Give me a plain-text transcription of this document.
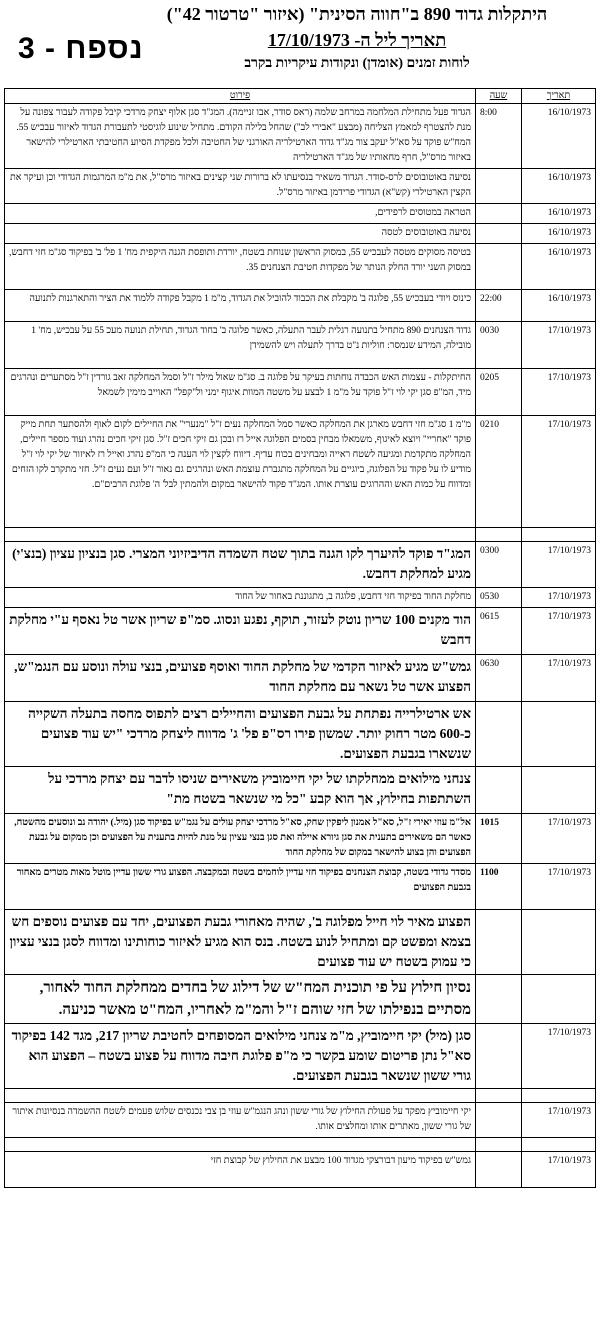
נספח - 3
היתקלות גדוד 890 ב"חווה הסינית" (איזור "טרטור 42")
תאריך ליל ה- 17/10/1973
לוחות זמנים (אומדן) ונקודות עיקריות בקרב
תאריך	שעה	פירוט
16/10/1973	8:00	הגדוד פעל מתחילת המלחמה במרחב שלמה (ראס סודר, אבו זניימה). המג"ד סגן אלוף יצחק מרדכי קיבל פקודה לעבור צפונה על מנת להצטרף למאמץ הצליחה (מבצע "אבירי לב") שהחל בלילה הקודם. מתחיל שינוע לוגיסטי לתעבורת הגדוד לאיזור עבכיש 55. המח"ש פוקד על סא"ל יעקב צור מג"ד גדוד הארטילריה האורגני של החטיבה ולכל מפקדת הסיוע החטיבתי הארטילרי להישאר באיזור מרס"ל, חרף מחאותיו של מג"ד הארטילריה
16/10/1973		נסיעה באוטובוסים לרס-סודר. הגדוד משאיר בנסיעתו לא ברורות שני קצינים באיזור מרס"ל, את מ"מ המרגמות הגדודי וכן ועיקר את הקצין הארטילרי (קש"א) הגדודי פרידמן באיזור מרס"ל.
16/10/1973		הטראה במטוסים לרפידים,
16/10/1973		נסיעה באוטובוסים לטסה
16/10/1973		בטיסה מסוקים מטסה לעבכיש 55, במסוק הראשון שנוחת בשטח, יורדת ותופסת הגנה היקפית מח' 1 פל' ב' בפיקוד סג"מ חזי דחבש, במסוק השני יורד החלק הנותר של מפקדות חטיבת הצנחנים 35.
16/10/1973	22:00	כינוס ויודי בעבכיש 55, פלוגה ב' מקבלת את הכבוד להוביל את הגדוד, מ"מ 1 מקבל פקודה ללמוד את הציר והתארגנות לתנועה
17/10/1973	0030	גדוד הצנחנים 890 מתחיל בתנועה רגלית לעבר התעלה, כאשר פלוגה ב' בחוד הגדוד, תחילת תנועה מעכ 55 על עבכיש, מח' 1 מובילה, המידע שנמסר: חוליות נ"ט בדרך לתעלה ויש להשמידן
17/10/1973	0205	החיתקלות - עצמות האש הכבדה נוחתות בעיקר על פלוגה ב. סג"מ שאול מילר ז"ל וסמל המחלקה זאב גורדין ז"ל מסתערים ונהרגים מיד, המ"פ סגן יקי לוי ז"ל פוקד על מ"מ 1 לבצע על משטה המוות איגוף ימני ול"קפל" האוייב מימין לשמאל
17/10/1973	0210	מ"מ 1 סג"מ חזי דחבש מארגן את המחלקה כאשר סמל המחלקה נעים ז"ל "מנערי" את החיילים לקום לאוף ולהסתער תחת מייק פוקד "אחריי" ויוצא לאיגוף, משמאלו מבחין בסמים הפלוגה אייל רז ובכן גם זיקי חכים ז"ל. סגן זיקי חכים נהרג ועוד מספר חיילים, המחלקה מתקדמת ומגיעה לשטח ראייה ומבחינים בכוח עדיף. דיווח לקצין לוי הענה כי המ"פ נהרג ואייל רז לאיזור של יקי לוי ז"ל מודיע לו על פקוד על הפלוגה, ביוגיים על המחלקה מתגברת עוצמת האש ונהרגים גם נאור ז"ל ועם נעים ז"ל. חזי מתקרב לקו הזחים ומדווח על כמות האש וההרוגים עוצרת אותו. המג"ד פקוד להישאר במקום ולהמתין לבל' ה' פלוגת הרבים"ם.

17/10/1973	0300	המג"ד פוקד להיערך לקו הגנה בתוך שטח השמדה הדיביזיוני המצרי. סגן בנציון עציון (בנצ'י) מגיע למחלקת דחבש.
17/10/1973	0530	מחלקת החוד בפיקוד חזי דחבש, פלוגה ב, מתגוננת באחור של החוד
17/10/1973	0615	הוד מקנים 100 שריון נוטק לעזור, תוקף, נפגע ונסוג. סמ"פ שריון אשר טל נאסף ע"י מחלקת דחבש
17/10/1973	0630	גמש"ש מגיע לאיזור הקדמי של מחלקת החוד ואוסף פצועים, בנצי עולה ונוסע עם הנגמ"ש, הפצוע אשר טל נשאר עם מחלקת החוד
		אש ארטילרייה נפתחת על גבעת הפצועים והחיילים רצים לתפוס מחסה בתעלה השקייה כ-600 מטר רחוק יותר. שמשון פירו רס"פ פל' ג' מדווח ליצחק מרדכי "יש עוד פצועים שנשארו בגבעת הפצועים.
		צנחני מילואים ממחלקתו של יקי חיימוביץ משאירים שניסו לדבר עם יצחק מרדכי על השתתפות בחילוץ, אך הוא קבע "כל מי שנשאר בשטח מת"
17/10/1973	1015	אל"מ עוזי יאירי ז"ל, סא"ל אמנון ליפקין שחק, סא"ל מרדכי יצחק עולים על נגמ"ש בפיקוד סגן (מיל.) יהודה נב ונוסעים מהשטח, כאשר הם משאירים בתענית את סגן גיורא איילה ואת סגן בנצי עציון על מנת להיות בתענית על הפצועים וכן ממקום על גבעת הפצועים והן בצוע להישאר במקום של מחלקת החוד
17/10/1973	1100	מסדר גדודי בשטה, קבוצת הצנחנים בפיקוד חזי עדיין לוחמים בשטח ובמקבצה. הפצוע גורי ששון עדיין מוטל מאות מטרים מאחור בגבעת הפצועים
		הפצוע מאיר לוי חייל מפלוגה ב', שהיה מאחורי גבעת הפצועים, יחד עם פצועים נוספים חש בצמא ומפשט קם ומתחיל לנוע בשטח. בנס הוא מגיע לאיזור כוחותינו ומדווח לסגן בנצי עציון כי עמוק בשטח יש עוד פצועים
		נסיון חילוץ על פי תוכנית המח"ש של דילוג של בחדים ממחלקת החוד לאחור, מסתיים בנפילתו של חזי שוהם ז"ל והמ"מ לאחריו, המח"ט מאשר כניעה.
17/10/1973		סגן (מיל) יקי חיימוביץ, מ"מ צנחני מילואים המסופחים לחטיבת שריון 217, מגד 142 בפיקוד סא"ל נתן פריטום שומע בקשר כי מ"פ פלוגת חיבה מדווח על פצוע בשטח – הפצוע הוא גורי ששון שנשאר בגבעת הפצועים.

17/10/1973		יקי חיימוביץ מפקד על פעולת החילוץ של גורי ששון ונהג הנגמ"ש עוזי בן צבי נכנסים שלוש פעמים לשטח ההשמדה בנסיונות איתור של גורי ששון, מאתרים אותו ומחלצים אותו.

17/10/1973		גמש"ש בפיקוד מיעון דבורצקי מגדוד 100 מבצע את החילוץ של קבוצת חזי
